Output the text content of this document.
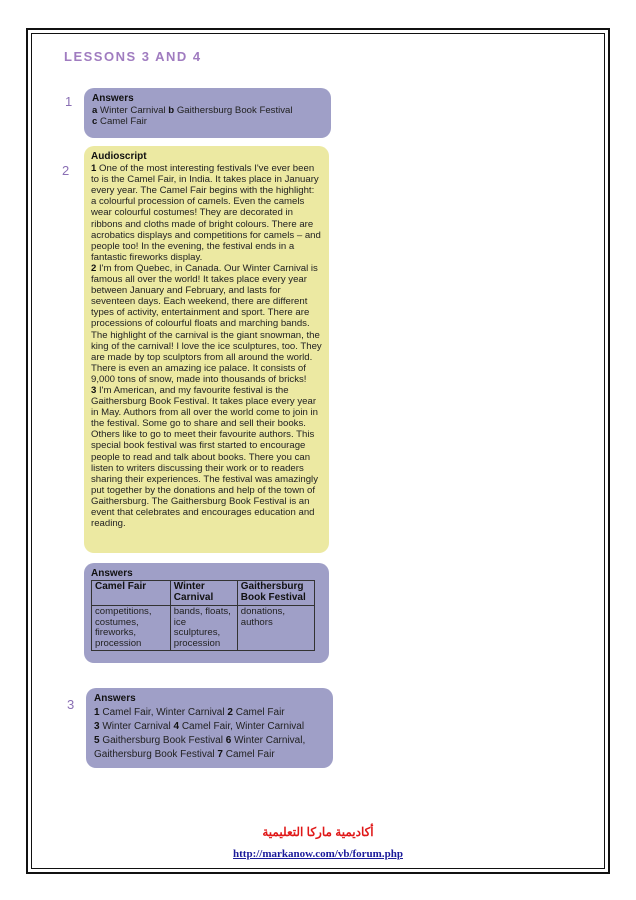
LESSONS 3 AND 4
1 Answers

a Winter Carnival b Gaithersburg Book Festival
c Camel Fair

2
Audioscript

1 One of the most interesting festivals I've ever been to is the Camel Fair, in India. It takes place in January every year. The Camel Fair begins with the highlight: a colourful procession of camels. Even the camels wear colourful costumes! They are decorated in ribbons and cloths made of bright colours. There are acrobatics displays and competitions for camels – and people too! In the evening, the festival ends in a fantastic fireworks display.

2 I'm from Quebec, in Canada. Our Winter Carnival is famous all over the world! It takes place every year between January and February, and lasts for seventeen days. Each weekend, there are different types of activity, entertainment and sport. There are processions of colourful floats and marching bands. The highlight of the carnival is the giant snowman, the king of the carnival! I love the ice sculptures, too. They are made by top sculptors from all around the world. There is even an amazing ice palace. It consists of 9,000 tons of snow, made into thousands of bricks!

3 I'm American, and my favourite festival is the Gaithersburg Book Festival. It takes place every year in May. Authors from all over the world come to join in the festival. Some go to share and sell their books. Others like to go to meet their favourite authors. This special book festival was first started to encourage people to read and talk about books. There you can listen to writers discussing their work or to readers sharing their experiences. The festival was amazingly put together by the donations and help of the town of Gaithersburg. The Gaithersburg Book Festival is an event that celebrates and encourages education and reading.

Answers
Camel Fair	Winter Carnival	Gaithersburg Book Festival
competitions, costumes, fireworks, procession	bands, floats, ice sculptures, procession	donations, authors
3 Answers

1 Camel Fair, Winter Carnival 2 Camel Fair
3 Winter Carnival 4 Camel Fair, Winter Carnival
5 Gaithersburg Book Festival 6 Winter Carnival, Gaithersburg Book Festival 7 Camel Fair

أكاديمية ماركا التعليمية
http://markanow.com/vb/forum.php
